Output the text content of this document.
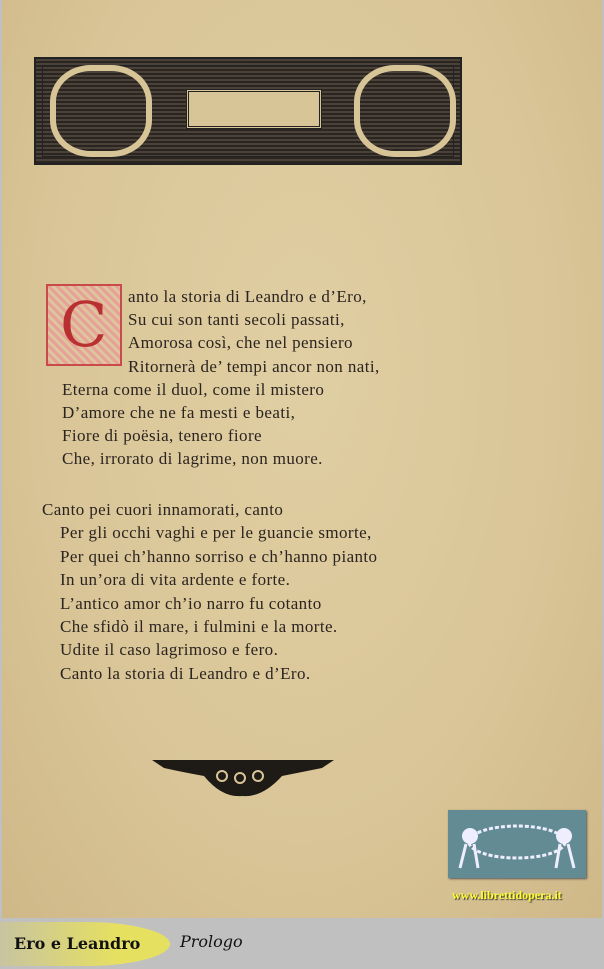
C anto la storia di Leandro e d’Ero,
Su cui son tanti secoli passati,
Amorosa così, che nel pensiero
Ritornerà de’ tempi ancor non nati,
Eterna come il duol, come il mistero
D’amore che ne fa mesti e beati,
Fiore di poësia, tenero fiore
Che, irrorato di lagrime, non muore.
Canto pei cuori innamorati, canto
Per gli occhi vaghi e per le guancie smorte,
Per quei ch’hanno sorriso e ch’hanno pianto
In un’ora di vita ardente e forte.
L’antico amor ch’io narro fu cotanto
Che sfidò il mare, i fulmini e la morte.
Udite il caso lagrimoso e fero.
Canto la storia di Leandro e d’Ero.
www.librettidopera.it
Ero e Leandro Prologo
